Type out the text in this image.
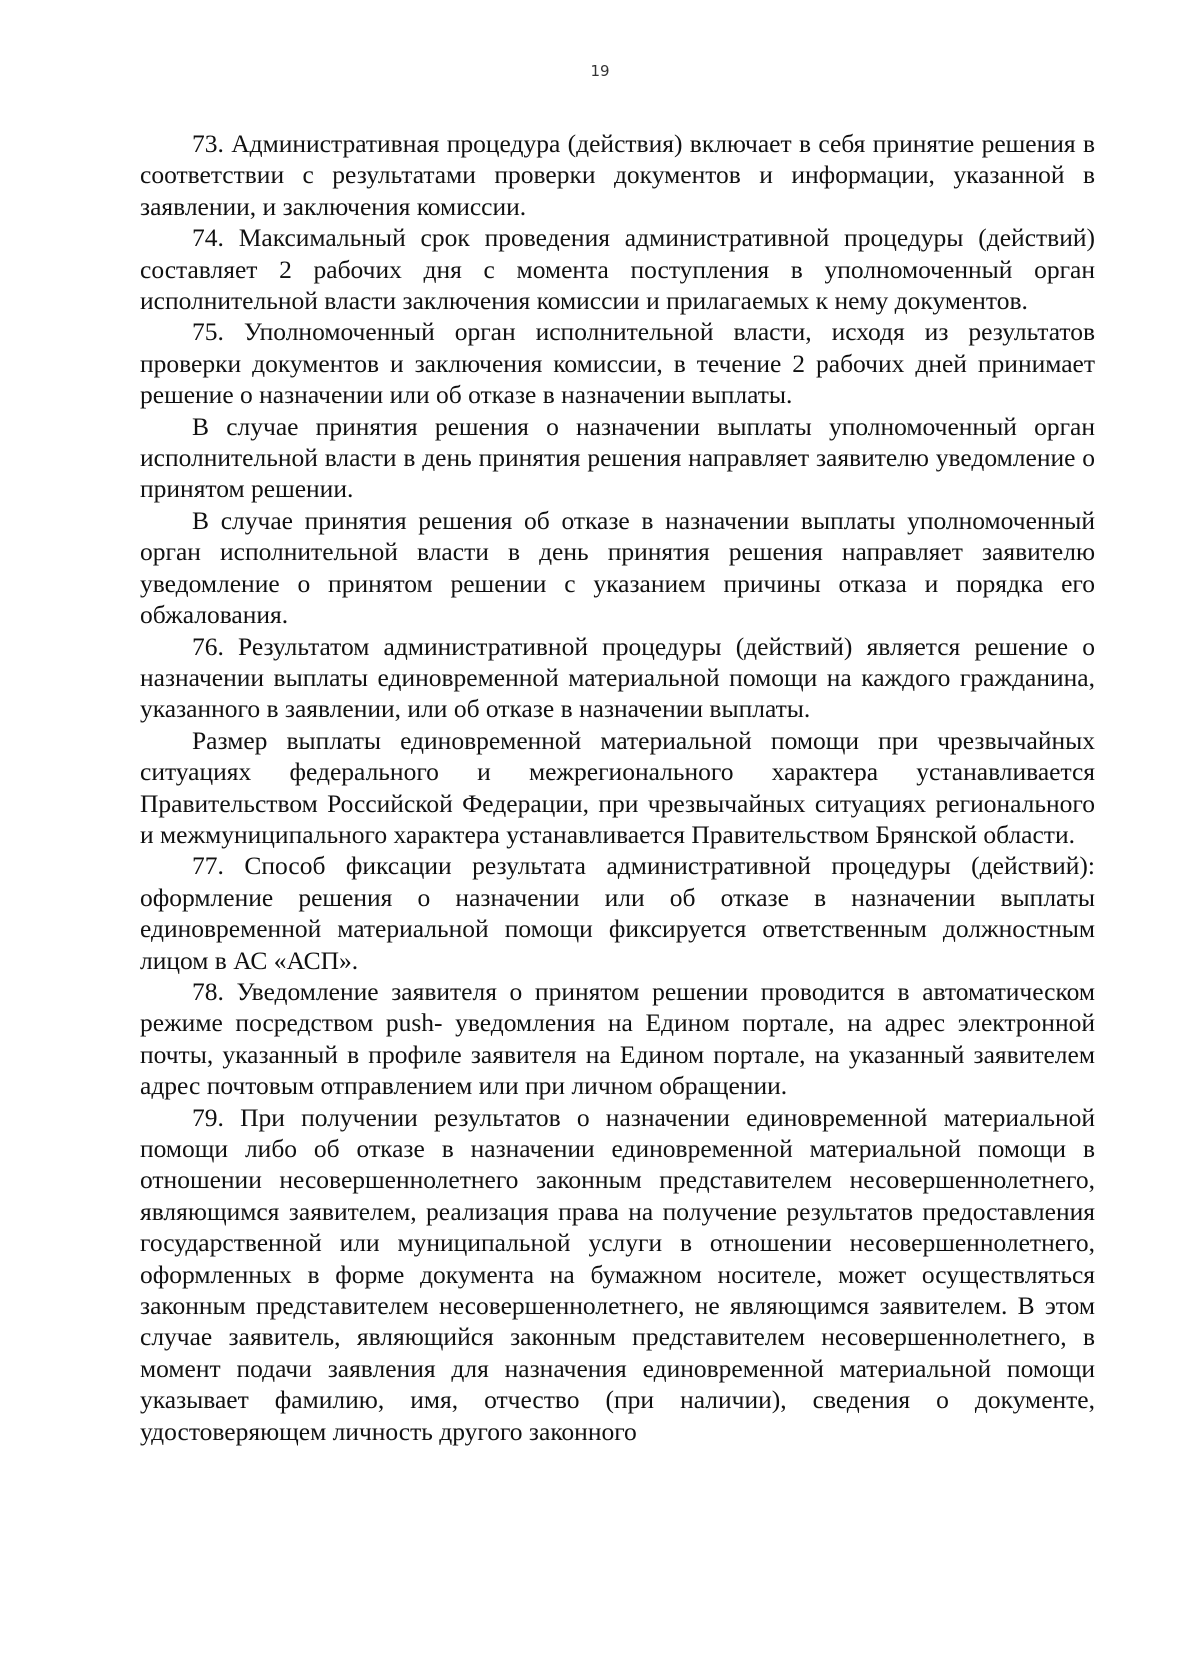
19

73. Административная процедура (действия) включает в себя принятие решения в соответствии с результатами проверки документов и информации, указанной в заявлении, и заключения комиссии.

74. Максимальный срок проведения административной процедуры (действий) составляет 2 рабочих дня с момента поступления в уполномоченный орган исполнительной власти заключения комиссии и прилагаемых к нему документов.

75. Уполномоченный орган исполнительной власти, исходя из результатов проверки документов и заключения комиссии, в течение 2 рабочих дней принимает решение о назначении или об отказе в назначении выплаты.

В случае принятия решения о назначении выплаты уполномоченный орган исполнительной власти в день принятия решения направляет заявителю уведомление о принятом решении.

В случае принятия решения об отказе в назначении выплаты уполномоченный орган исполнительной власти в день принятия решения направляет заявителю уведомление о принятом решении с указанием причины отказа и порядка его обжалования.

76. Результатом административной процедуры (действий) является решение о назначении выплаты единовременной материальной помощи на каждого гражданина, указанного в заявлении, или об отказе в назначении выплаты.

Размер выплаты единовременной материальной помощи при чрезвычайных ситуациях федерального и межрегионального характера устанавливается Правительством Российской Федерации, при чрезвычайных ситуациях регионального и межмуниципального характера устанавливается Правительством Брянской области.

77. Способ фиксации результата административной процедуры (действий): оформление решения о назначении или об отказе в назначении выплаты единовременной материальной помощи фиксируется ответственным должностным лицом в АС «АСП».

78. Уведомление заявителя о принятом решении проводится в автоматическом режиме посредством push- уведомления на Едином портале, на адрес электронной почты, указанный в профиле заявителя на Едином портале, на указанный заявителем адрес почтовым отправлением или при личном обращении.

79. При получении результатов о назначении единовременной материальной помощи либо об отказе в назначении единовременной материальной помощи в отношении несовершеннолетнего законным представителем несовершеннолетнего, являющимся заявителем, реализация права на получение результатов предоставления государственной или муниципальной услуги в отношении несовершеннолетнего, оформленных в форме документа на бумажном носителе, может осуществляться законным представителем несовершеннолетнего, не являющимся заявителем. В этом случае заявитель, являющийся законным представителем несовершеннолетнего, в момент подачи заявления для назначения единовременной материальной помощи указывает фамилию, имя, отчество (при наличии), сведения о документе, удостоверяющем личность другого законного
